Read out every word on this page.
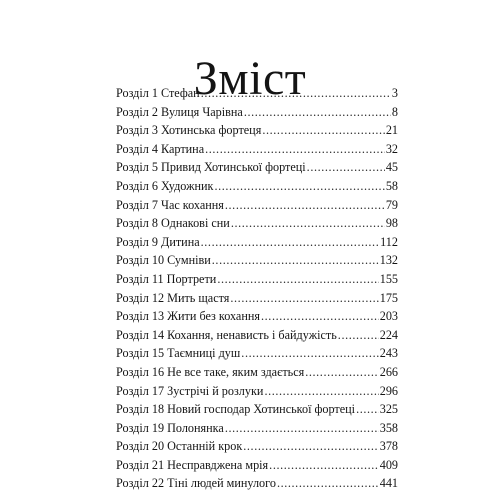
Зміст
Розділ 1 Стефан .....	3
Розділ 2 Вулиця Чарівна .....	8
Розділ 3 Хотинська фортеця .....	21
Розділ 4 Картина .....	32
Розділ 5 Привид Хотинської фортеці .....	45
Розділ 6 Художник .....	58
Розділ 7 Час кохання .....	79
Розділ 8 Однакові сни .....	98
Розділ 9 Дитина .....	112
Розділ 10 Сумніви .....	132
Розділ 11 Портрети .....	155
Розділ 12 Мить щастя .....	175
Розділ 13 Жити без кохання .....	203
Розділ 14 Кохання, ненависть і байдужість .....	224
Розділ 15 Таємниці душ .....	243
Розділ 16 Не все таке, яким здається .....	266
Розділ 17 Зустрічі й розлуки .....	296
Розділ 18 Новий господар Хотинської фортеці ..... 325
Розділ 19 Полонянка .....	358
Розділ 20 Останній крок .....	378
Розділ 21 Несправджена мрія .....	409
Розділ 22 Тіні людей минулого .....	441
